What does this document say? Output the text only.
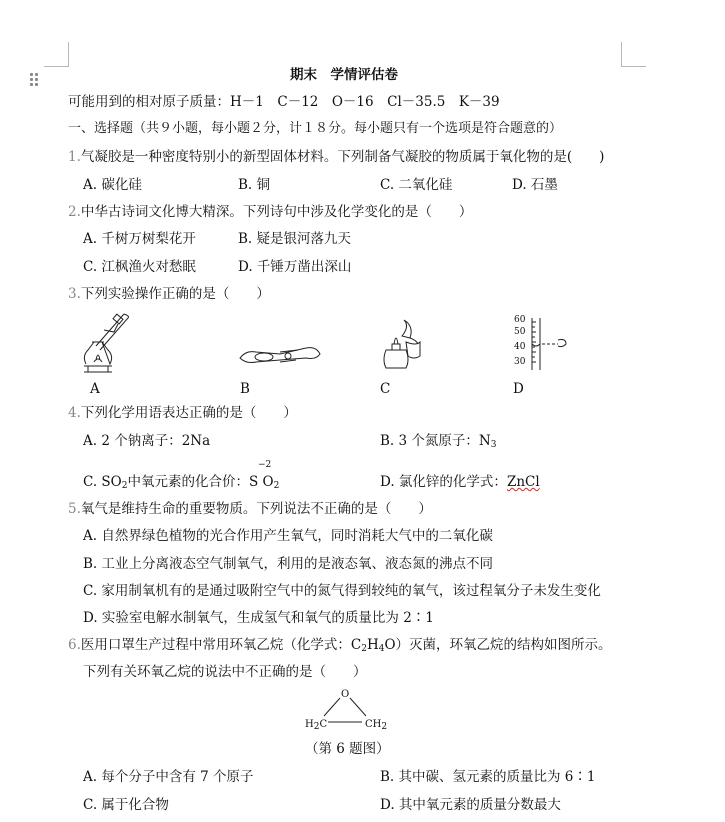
期末　学情评估卷
可能用到的相对原子质量：H－1　C－12　O－16　Cl－35.5　K－39
一、选择题（共９小题，每小题２分，计１８分。每小题只有一个选项是符合题意的）
1.气凝胶是一种密度特别小的新型固体材料。下列制备气凝胶的物质属于氧化物的是(　　)
A. 碳化硅	B. 铜	C. 二氧化硅	D. 石墨
2.中华古诗词文化博大精深。下列诗句中涉及化学变化的是（　　）
A. 千树万树梨花开	B. 疑是银河落九天
C. 江枫渔火对愁眠	D. 千锤万凿出深山
3.下列实验操作正确的是（　　）
60
50
40
30
A	B	C	D
4.下列化学用语表达正确的是（　　）
A. 2 个钠离子：2Na	B. 3 个氮原子：$N_3$
−2
C. $SO_2$中氧元素的化合价：S $O_2$	D. 氯化锌的化学式：ZnCl
5.氧气是维持生命的重要物质。下列说法不正确的是（　　）
A. 自然界绿色植物的光合作用产生氧气，同时消耗大气中的二氧化碳
B. 工业上分离液态空气制氧气，利用的是液态氧、液态氮的沸点不同
C. 家用制氧机有的是通过吸附空气中的氮气得到较纯的氧气，该过程氧分子未发生变化
D. 实验室电解水制氧气，生成氢气和氧气的质量比为 2∶1
6.医用口罩生产过程中常用环氧乙烷（化学式：$C_2H_4O$）灭菌，环氧乙烷的结构如图所示。
下列有关环氧乙烷的说法中不正确的是（　　）
O
$H_2C$	$CH_2$
（第 6 题图）
A. 每个分子中含有 7 个原子	B. 其中碳、氢元素的质量比为 6∶1
C. 属于化合物	D. 其中氧元素的质量分数最大
